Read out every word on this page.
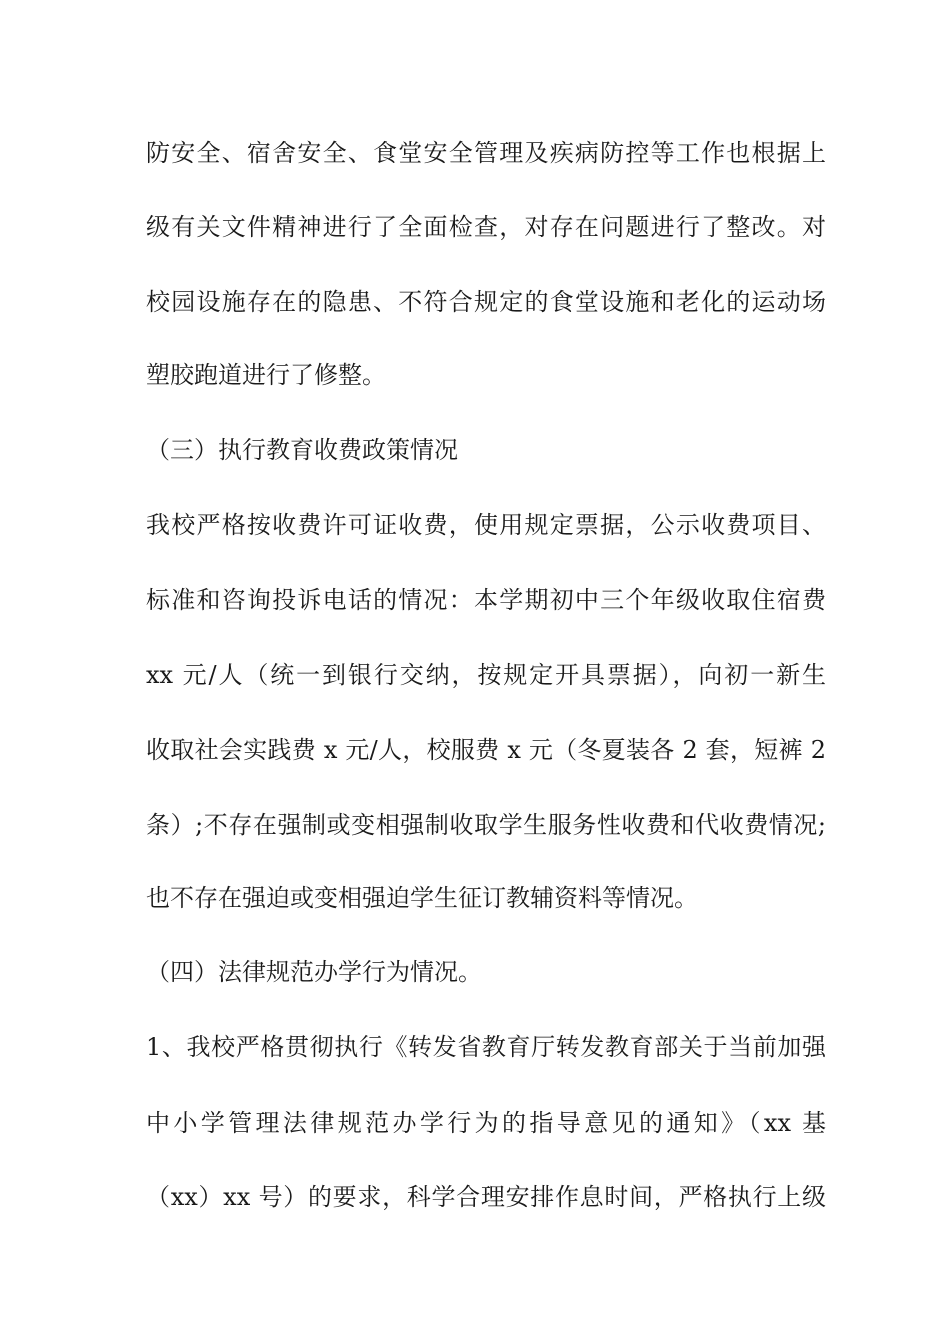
防安全、宿舍安全、食堂安全管理及疾病防控等工作也根据上
级有关文件精神进行了全面检查，对存在问题进行了整改。对
校园设施存在的隐患、不符合规定的食堂设施和老化的运动场
塑胶跑道进行了修整。
（三）执行教育收费政策情况
我校严格按收费许可证收费，使用规定票据，公示收费项目、
标准和咨询投诉电话的情况：本学期初中三个年级收取住宿费
xx 元/人（统一到银行交纳，按规定开具票据），向初一新生
收取社会实践费 x 元/人，校服费 x 元（冬夏装各 2 套，短裤 2
条）;不存在强制或变相强制收取学生服务性收费和代收费情况;
也不存在强迫或变相强迫学生征订教辅资料等情况。
（四）法律规范办学行为情况。
1、我校严格贯彻执行《转发省教育厅转发教育部关于当前加强
中小学管理法律规范办学行为的指导意见的通知》（xx 基
（xx）xx 号）的要求，科学合理安排作息时间，严格执行上级
